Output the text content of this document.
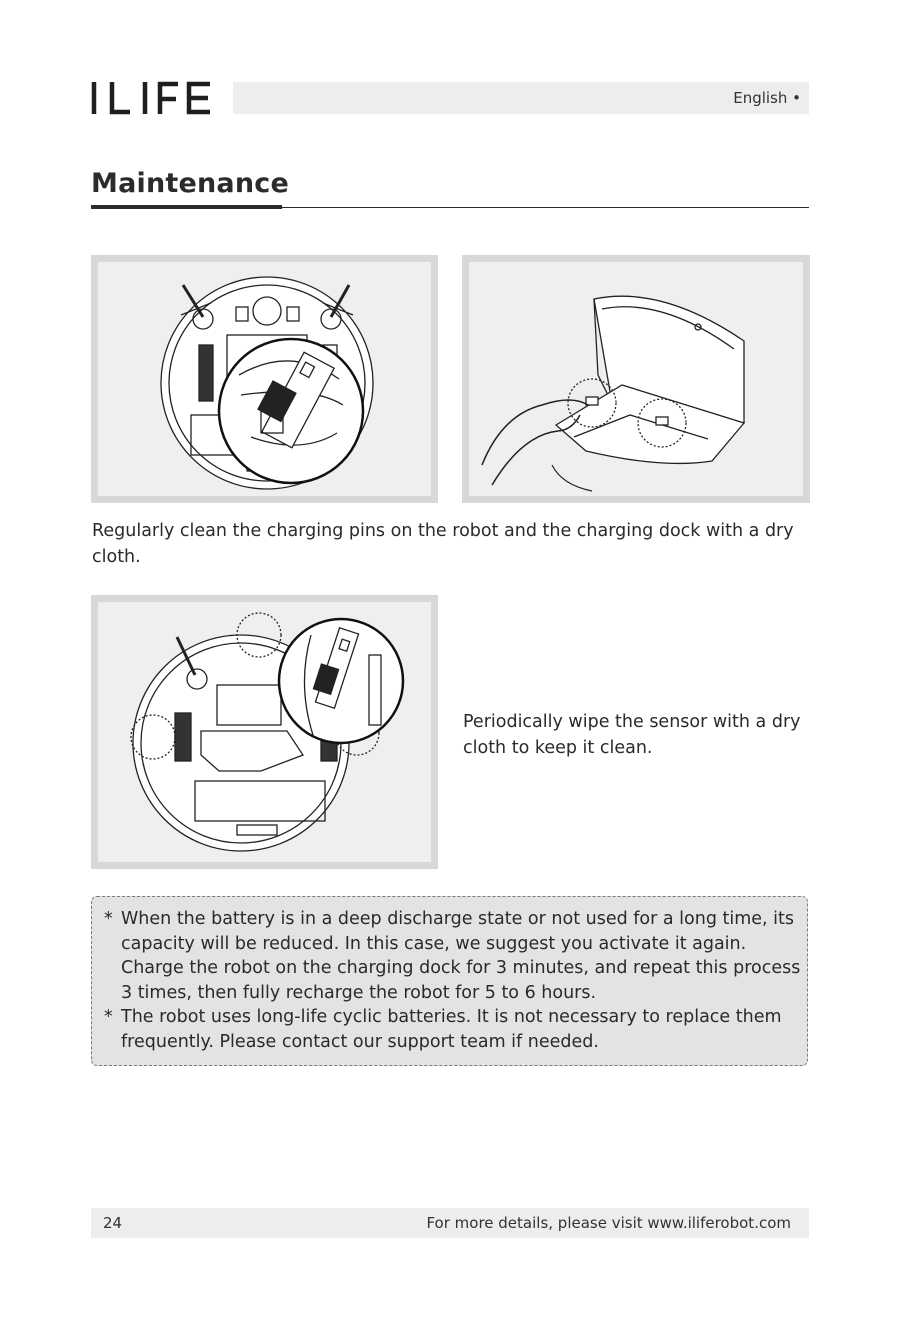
English •
Maintenance
Regularly clean the charging pins on the robot and the charging dock with a dry cloth.
Periodically wipe the sensor with a dry cloth to keep it clean.
* When the battery is in a deep discharge state or not used for a long time, its capacity will be reduced. In this case, we suggest you activate it again. Charge the robot on the charging dock for 3 minutes, and repeat this process 3 times, then fully recharge the robot for 5 to 6 hours.
* The robot uses long-life cyclic batteries. It is not necessary to replace them frequently. Please contact our support team if needed.
24	For more details, please visit www.iliferobot.com
